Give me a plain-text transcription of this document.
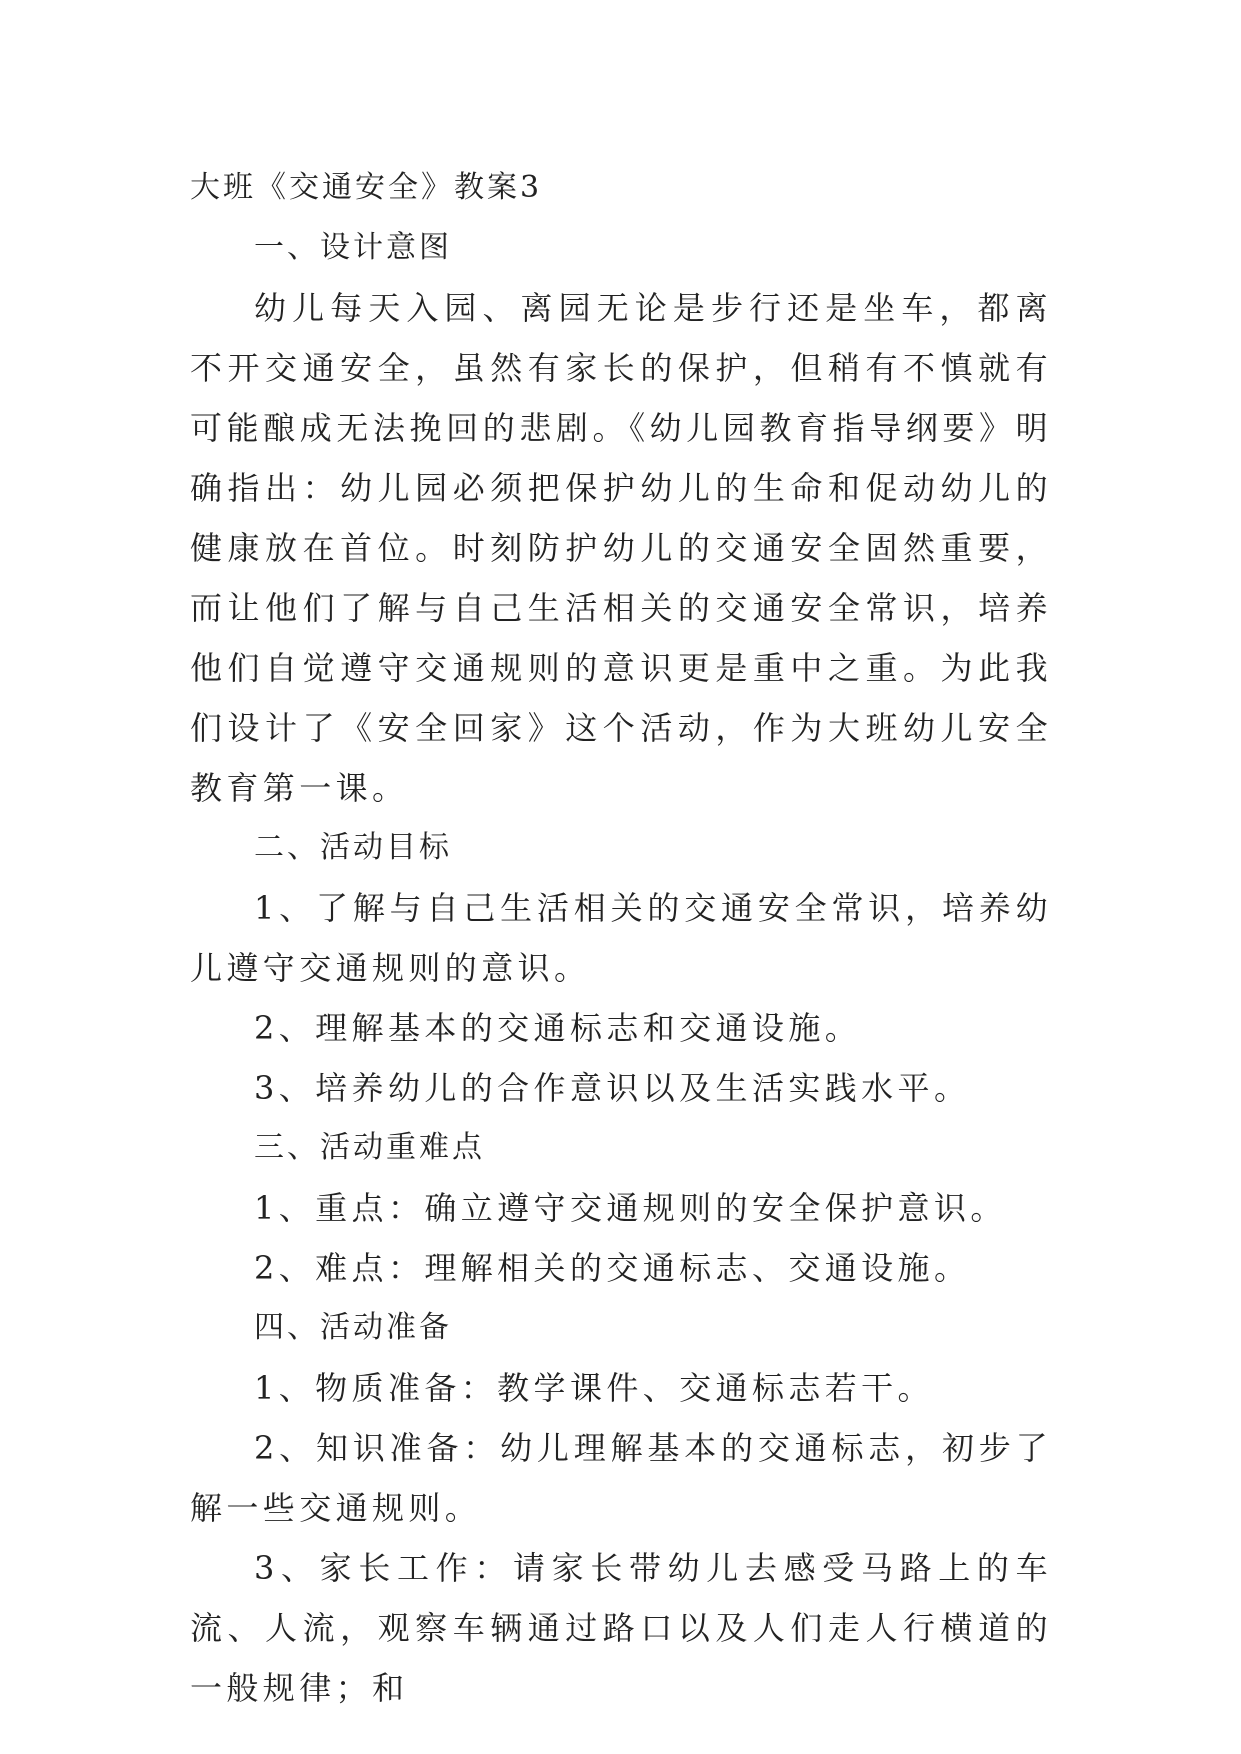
大班《交通安全》教案3

一、设计意图

幼儿每天入园、离园无论是步行还是坐车，都离不开交通安全，虽然有家长的保护，但稍有不慎就有可能酿成无法挽回的悲剧。《幼儿园教育指导纲要》明确指出：幼儿园必须把保护幼儿的生命和促动幼儿的健康放在首位。时刻防护幼儿的交通安全固然重要，而让他们了解与自己生活相关的交通安全常识，培养他们自觉遵守交通规则的意识更是重中之重。为此我们设计了《安全回家》这个活动，作为大班幼儿安全教育第一课。

二、活动目标

1、了解与自己生活相关的交通安全常识，培养幼儿遵守交通规则的意识。

2、理解基本的交通标志和交通设施。

3、培养幼儿的合作意识以及生活实践水平。

三、活动重难点

1、重点：确立遵守交通规则的安全保护意识。

2、难点：理解相关的交通标志、交通设施。

四、活动准备

1、物质准备：教学课件、交通标志若干。

2、知识准备：幼儿理解基本的交通标志，初步了解一些交通规则。

3、家长工作：请家长带幼儿去感受马路上的车流、人流，观察车辆通过路口以及人们走人行横道的一般规律；和
